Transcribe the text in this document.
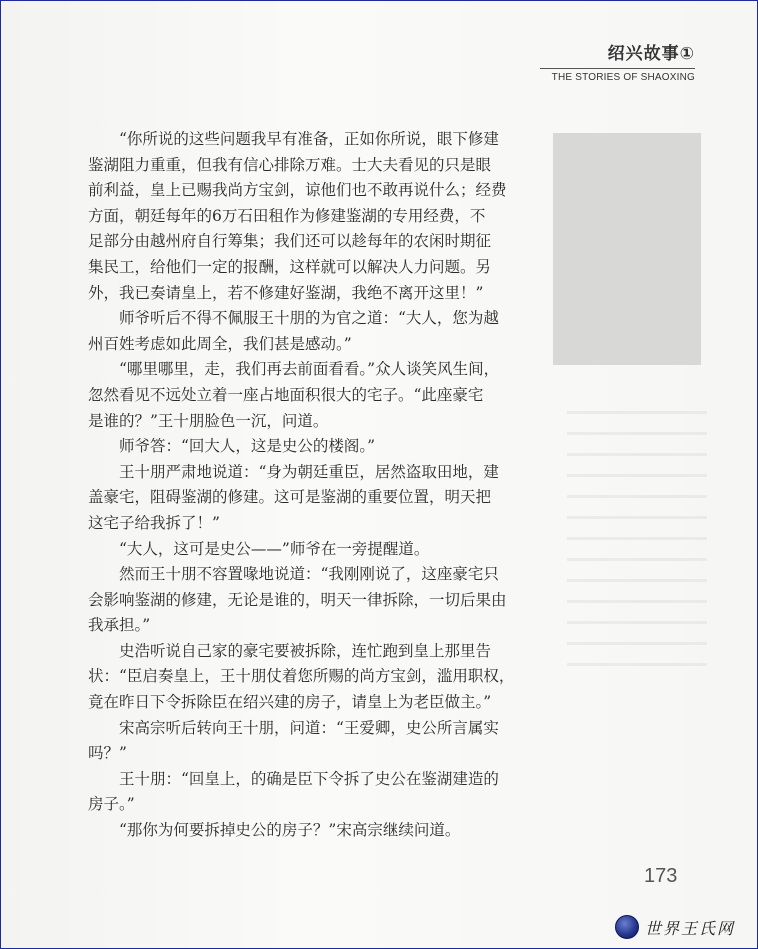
绍兴故事①
THE STORIES OF SHAOXING

“你所说的这些问题我早有准备，正如你所说，眼下修建
鉴湖阻力重重，但我有信心排除万难。士大夫看见的只是眼
前利益，皇上已赐我尚方宝剑，谅他们也不敢再说什么；经费
方面，朝廷每年的6万石田租作为修建鉴湖的专用经费，不
足部分由越州府自行筹集；我们还可以趁每年的农闲时期征
集民工，给他们一定的报酬，这样就可以解决人力问题。另
外，我已奏请皇上，若不修建好鉴湖，我绝不离开这里！”

师爷听后不得不佩服王十朋的为官之道：“大人，您为越
州百姓考虑如此周全，我们甚是感动。”

“哪里哪里，走，我们再去前面看看。”众人谈笑风生间，
忽然看见不远处立着一座占地面积很大的宅子。“此座豪宅
是谁的？”王十朋脸色一沉，问道。

师爷答：“回大人，这是史公的楼阁。”

王十朋严肃地说道：“身为朝廷重臣，居然盗取田地，建
盖豪宅，阻碍鉴湖的修建。这可是鉴湖的重要位置，明天把
这宅子给我拆了！”

“大人，这可是史公——”师爷在一旁提醒道。

然而王十朋不容置喙地说道：“我刚刚说了，这座豪宅只
会影响鉴湖的修建，无论是谁的，明天一律拆除，一切后果由
我承担。”

史浩听说自己家的豪宅要被拆除，连忙跑到皇上那里告
状：“臣启奏皇上，王十朋仗着您所赐的尚方宝剑，滥用职权，
竟在昨日下令拆除臣在绍兴建的房子，请皇上为老臣做主。”

宋高宗听后转向王十朋，问道：“王爱卿，史公所言属实
吗？”

王十朋：“回皇上，的确是臣下令拆了史公在鉴湖建造的
房子。”

“那你为何要拆掉史公的房子？”宋高宗继续问道。

173
世界王氏网
